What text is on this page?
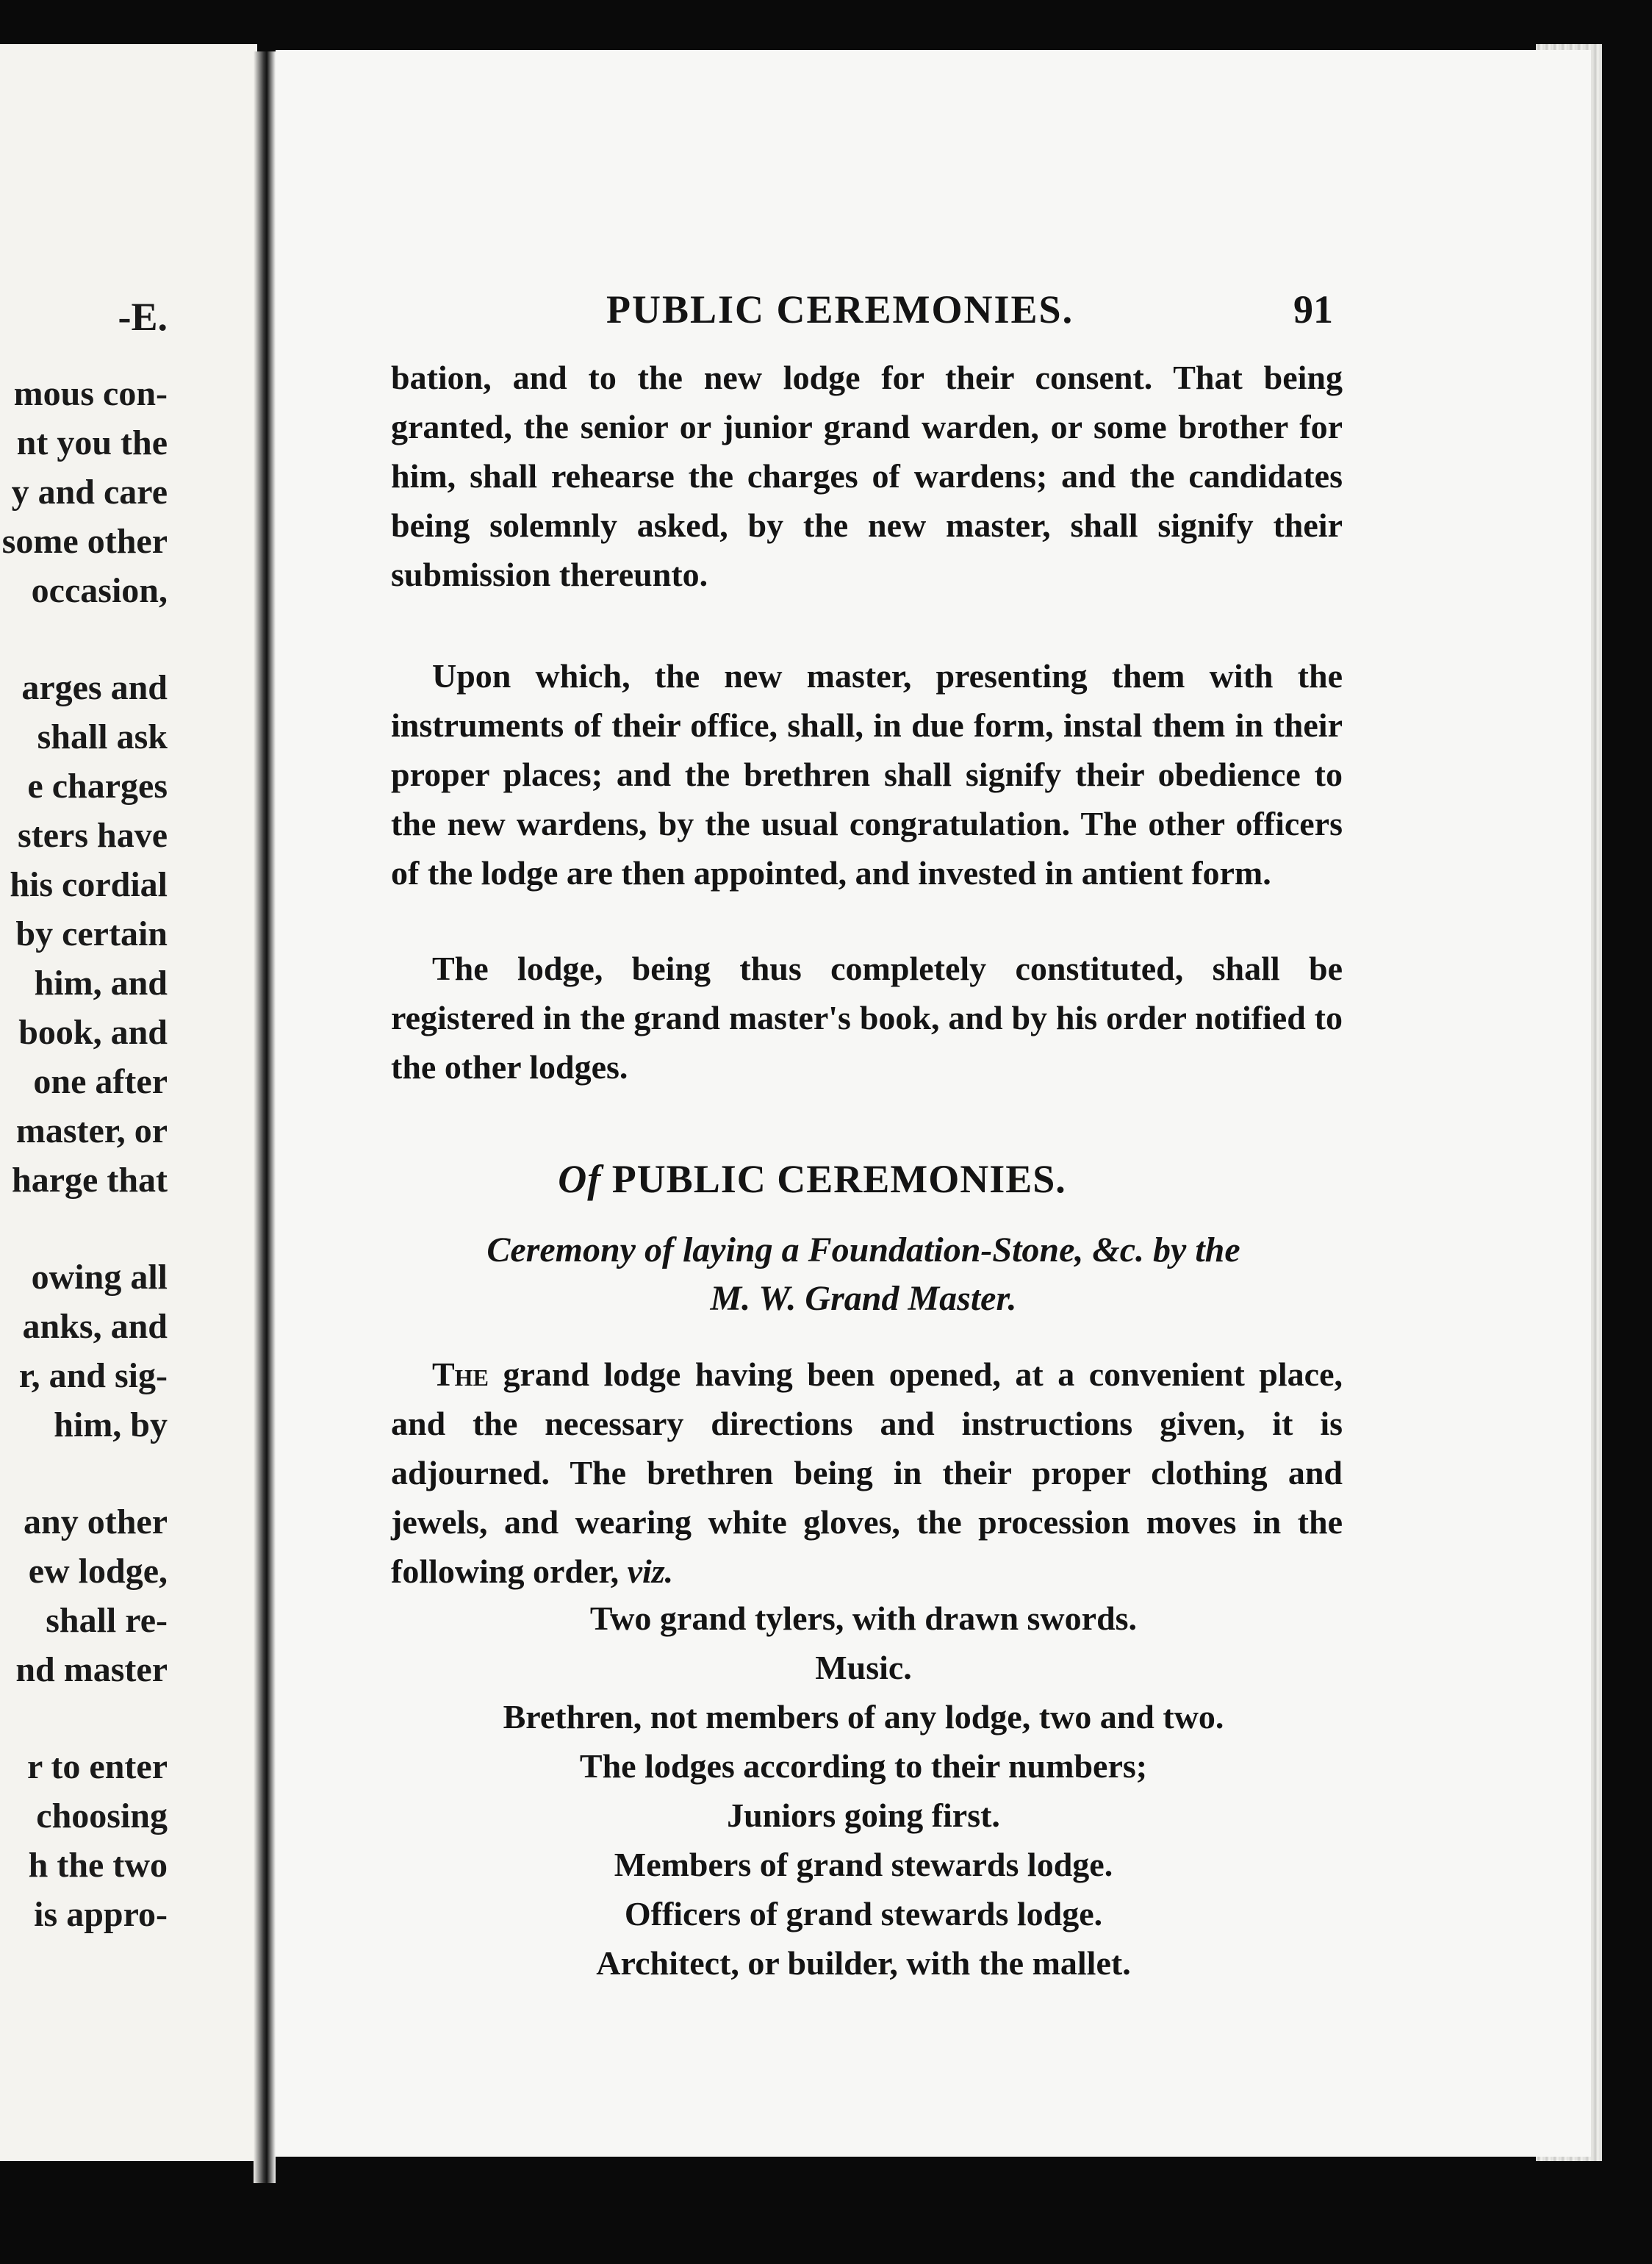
-E.
mous con-
nt you the
y and care
some other
occasion,
arges and
shall ask
e charges
sters have
his cordial
by certain
him, and
book, and
one after
master, or
harge that
owing all
anks, and
r, and sig-
him, by
any other
ew lodge,
shall re-
nd master
r to enter
choosing
h the two
is appro-
PUBLIC CEREMONIES.	91

bation, and to the new lodge for their consent. That being granted, the senior or junior grand warden, or some brother for him, shall rehearse the charges of wardens; and the candidates being solemnly asked, by the new master, shall signify their submission thereunto.

Upon which, the new master, presenting them with the instruments of their office, shall, in due form, instal them in their proper places; and the brethren shall signify their obedience to the new wardens, by the usual congratulation. The other officers of the lodge are then appointed, and invested in antient form.

The lodge, being thus completely constituted, shall be registered in the grand master's book, and by his order notified to the other lodges.

Of PUBLIC CEREMONIES.
Ceremony of laying a Foundation-Stone, &c. by the
M. W. Grand Master.

The grand lodge having been opened, at a convenient place, and the necessary directions and instructions given, it is adjourned. The brethren being in their proper clothing and jewels, and wearing white gloves, the procession moves in the following order, viz.

Two grand tylers, with drawn swords.
Music.
Brethren, not members of any lodge, two and two.
The lodges according to their numbers;
Juniors going first.
Members of grand stewards lodge.
Officers of grand stewards lodge.
Architect, or builder, with the mallet.
